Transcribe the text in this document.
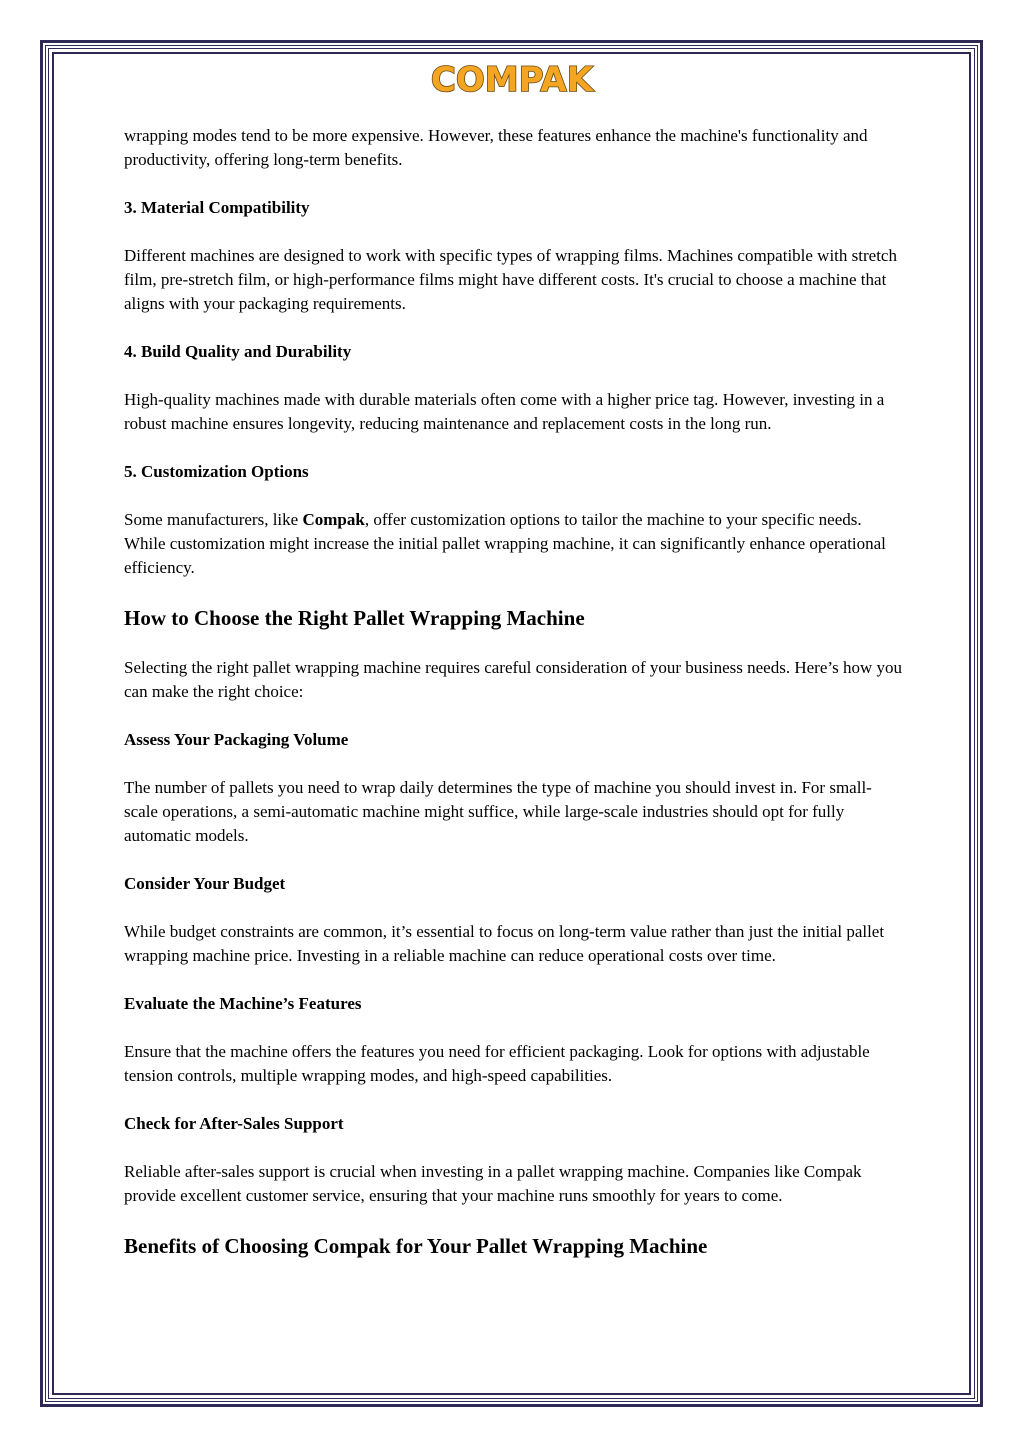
COMPAK

wrapping modes tend to be more expensive. However, these features enhance the machine's functionality and productivity, offering long-term benefits.

3. Material Compatibility

Different machines are designed to work with specific types of wrapping films. Machines compatible with stretch film, pre-stretch film, or high-performance films might have different costs. It's crucial to choose a machine that aligns with your packaging requirements.

4. Build Quality and Durability

High-quality machines made with durable materials often come with a higher price tag. However, investing in a robust machine ensures longevity, reducing maintenance and replacement costs in the long run.

5. Customization Options

Some manufacturers, like Compak, offer customization options to tailor the machine to your specific needs. While customization might increase the initial pallet wrapping machine, it can significantly enhance operational efficiency.

How to Choose the Right Pallet Wrapping Machine

Selecting the right pallet wrapping machine requires careful consideration of your business needs. Here’s how you can make the right choice:

Assess Your Packaging Volume

The number of pallets you need to wrap daily determines the type of machine you should invest in. For small-scale operations, a semi-automatic machine might suffice, while large-scale industries should opt for fully automatic models.

Consider Your Budget

While budget constraints are common, it’s essential to focus on long-term value rather than just the initial pallet wrapping machine price. Investing in a reliable machine can reduce operational costs over time.

Evaluate the Machine’s Features

Ensure that the machine offers the features you need for efficient packaging. Look for options with adjustable tension controls, multiple wrapping modes, and high-speed capabilities.

Check for After-Sales Support

Reliable after-sales support is crucial when investing in a pallet wrapping machine. Companies like Compak provide excellent customer service, ensuring that your machine runs smoothly for years to come.

Benefits of Choosing Compak for Your Pallet Wrapping Machine
